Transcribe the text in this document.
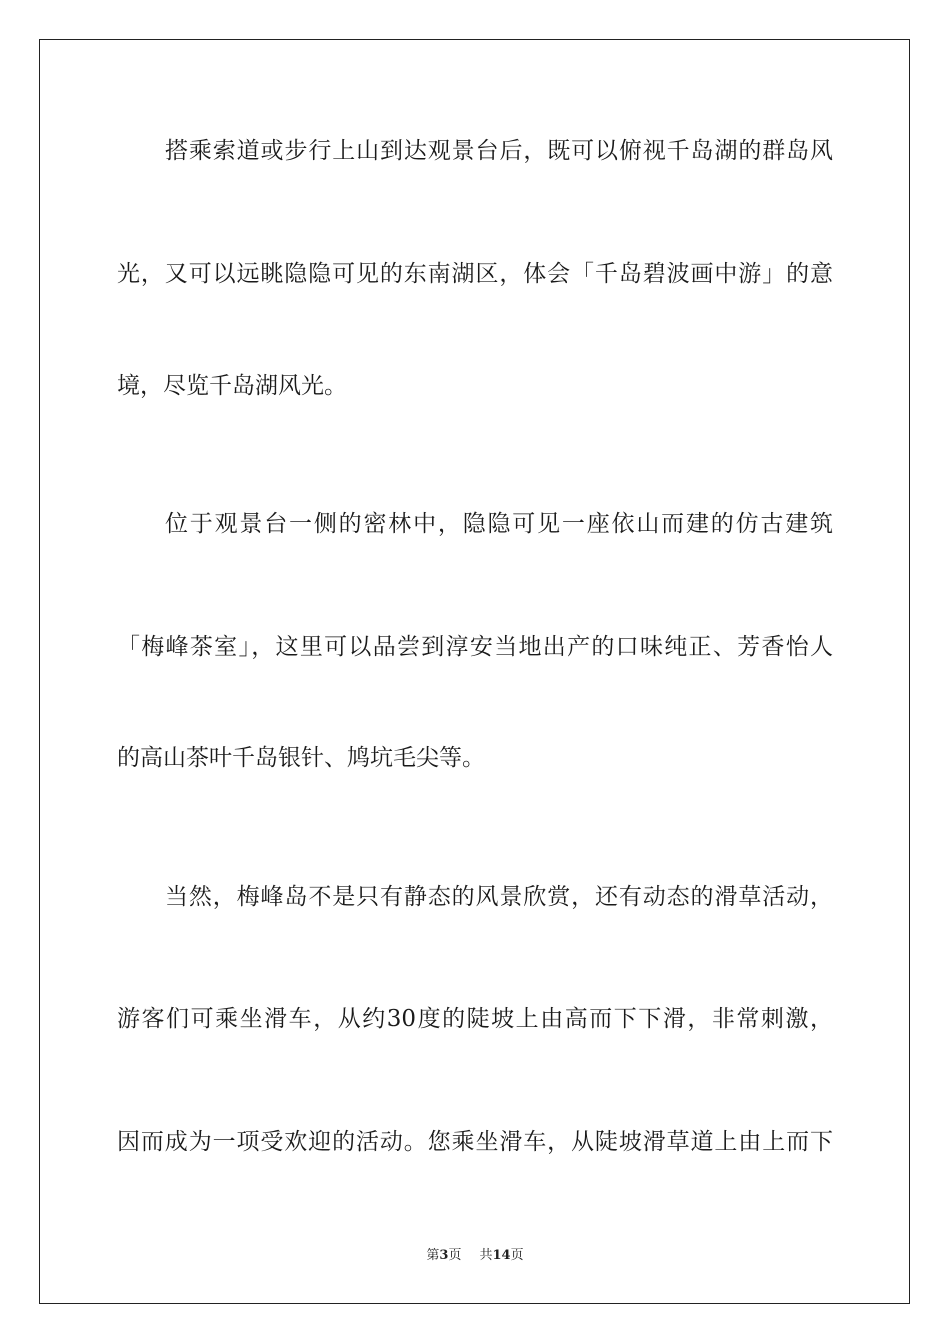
搭乘索道或步行上山到达观景台后，既可以俯视千岛湖的群岛风
光，又可以远眺隐隐可见的东南湖区，体会「千岛碧波画中游」的意
境，尽览千岛湖风光。
位于观景台一侧的密林中，隐隐可见一座依山而建的仿古建筑
「梅峰茶室」，这里可以品尝到淳安当地出产的口味纯正、芳香怡人
的高山茶叶千岛银针、鸠坑毛尖等。
当然，梅峰岛不是只有静态的风景欣赏，还有动态的滑草活动，
游客们可乘坐滑车，从约30度的陡坡上由高而下下滑，非常刺激，
因而成为一项受欢迎的活动。您乘坐滑车，从陡坡滑草道上由上而下
第3页 共14页
